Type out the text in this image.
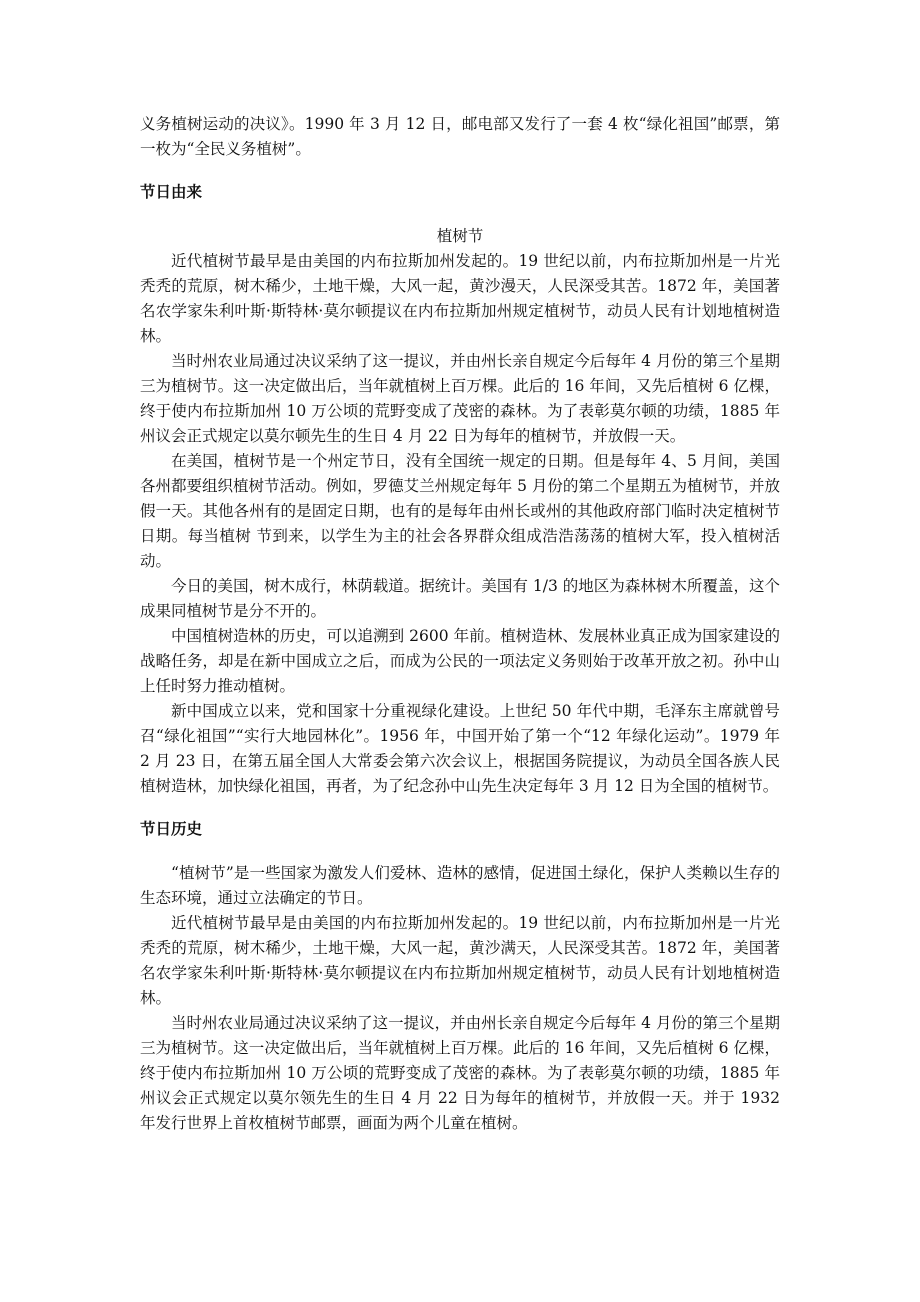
义务植树运动的决议》。1990 年 3 月 12 日，邮电部又发行了一套 4 枚“绿化祖国”邮票，第一枚为“全民义务植树”。

节日由来

植树节

近代植树节最早是由美国的内布拉斯加州发起的。19 世纪以前，内布拉斯加州是一片光秃秃的荒原，树木稀少，土地干燥，大风一起，黄沙漫天，人民深受其苦。1872 年，美国著名农学家朱利叶斯·斯特林·莫尔顿提议在内布拉斯加州规定植树节，动员人民有计划地植树造林。

当时州农业局通过决议采纳了这一提议，并由州长亲自规定今后每年 4 月份的第三个星期三为植树节。这一决定做出后，当年就植树上百万棵。此后的 16 年间，又先后植树 6 亿棵，终于使内布拉斯加州 10 万公顷的荒野变成了茂密的森林。为了表彰莫尔顿的功绩，1885 年州议会正式规定以莫尔顿先生的生日 4 月 22 日为每年的植树节，并放假一天。

在美国，植树节是一个州定节日，没有全国统一规定的日期。但是每年 4、5 月间，美国各州都要组织植树节活动。例如，罗德艾兰州规定每年 5 月份的第二个星期五为植树节，并放假一天。其他各州有的是固定日期，也有的是每年由州长或州的其他政府部门临时决定植树节日期。每当植树 节到来，以学生为主的社会各界群众组成浩浩荡荡的植树大军，投入植树活动。

今日的美国，树木成行，林荫载道。据统计。美国有 1/3 的地区为森林树木所覆盖，这个成果同植树节是分不开的。

中国植树造林的历史，可以追溯到 2600 年前。植树造林、发展林业真正成为国家建设的战略任务，却是在新中国成立之后，而成为公民的一项法定义务则始于改革开放之初。孙中山上任时努力推动植树。

新中国成立以来，党和国家十分重视绿化建设。上世纪 50 年代中期，毛泽东主席就曾号召“绿化祖国”“实行大地园林化”。1956 年，中国开始了第一个“12 年绿化运动”。1979 年 2 月 23 日，在第五届全国人大常委会第六次会议上，根据国务院提议，为动员全国各族人民植树造林，加快绿化祖国，再者，为了纪念孙中山先生决定每年 3 月 12 日为全国的植树节。

节日历史

“植树节”是一些国家为激发人们爱林、造林的感情，促进国土绿化，保护人类赖以生存的生态环境，通过立法确定的节日。

近代植树节最早是由美国的内布拉斯加州发起的。19 世纪以前，内布拉斯加州是一片光秃秃的荒原，树木稀少，土地干燥，大风一起，黄沙满天，人民深受其苦。1872 年，美国著名农学家朱利叶斯·斯特林·莫尔顿提议在内布拉斯加州规定植树节，动员人民有计划地植树造林。

当时州农业局通过决议采纳了这一提议，并由州长亲自规定今后每年 4 月份的第三个星期三为植树节。这一决定做出后，当年就植树上百万棵。此后的 16 年间，又先后植树 6 亿棵，终于使内布拉斯加州 10 万公顷的荒野变成了茂密的森林。为了表彰莫尔顿的功绩，1885 年州议会正式规定以莫尔领先生的生日 4 月 22 日为每年的植树节，并放假一天。并于 1932 年发行世界上首枚植树节邮票，画面为两个儿童在植树。
